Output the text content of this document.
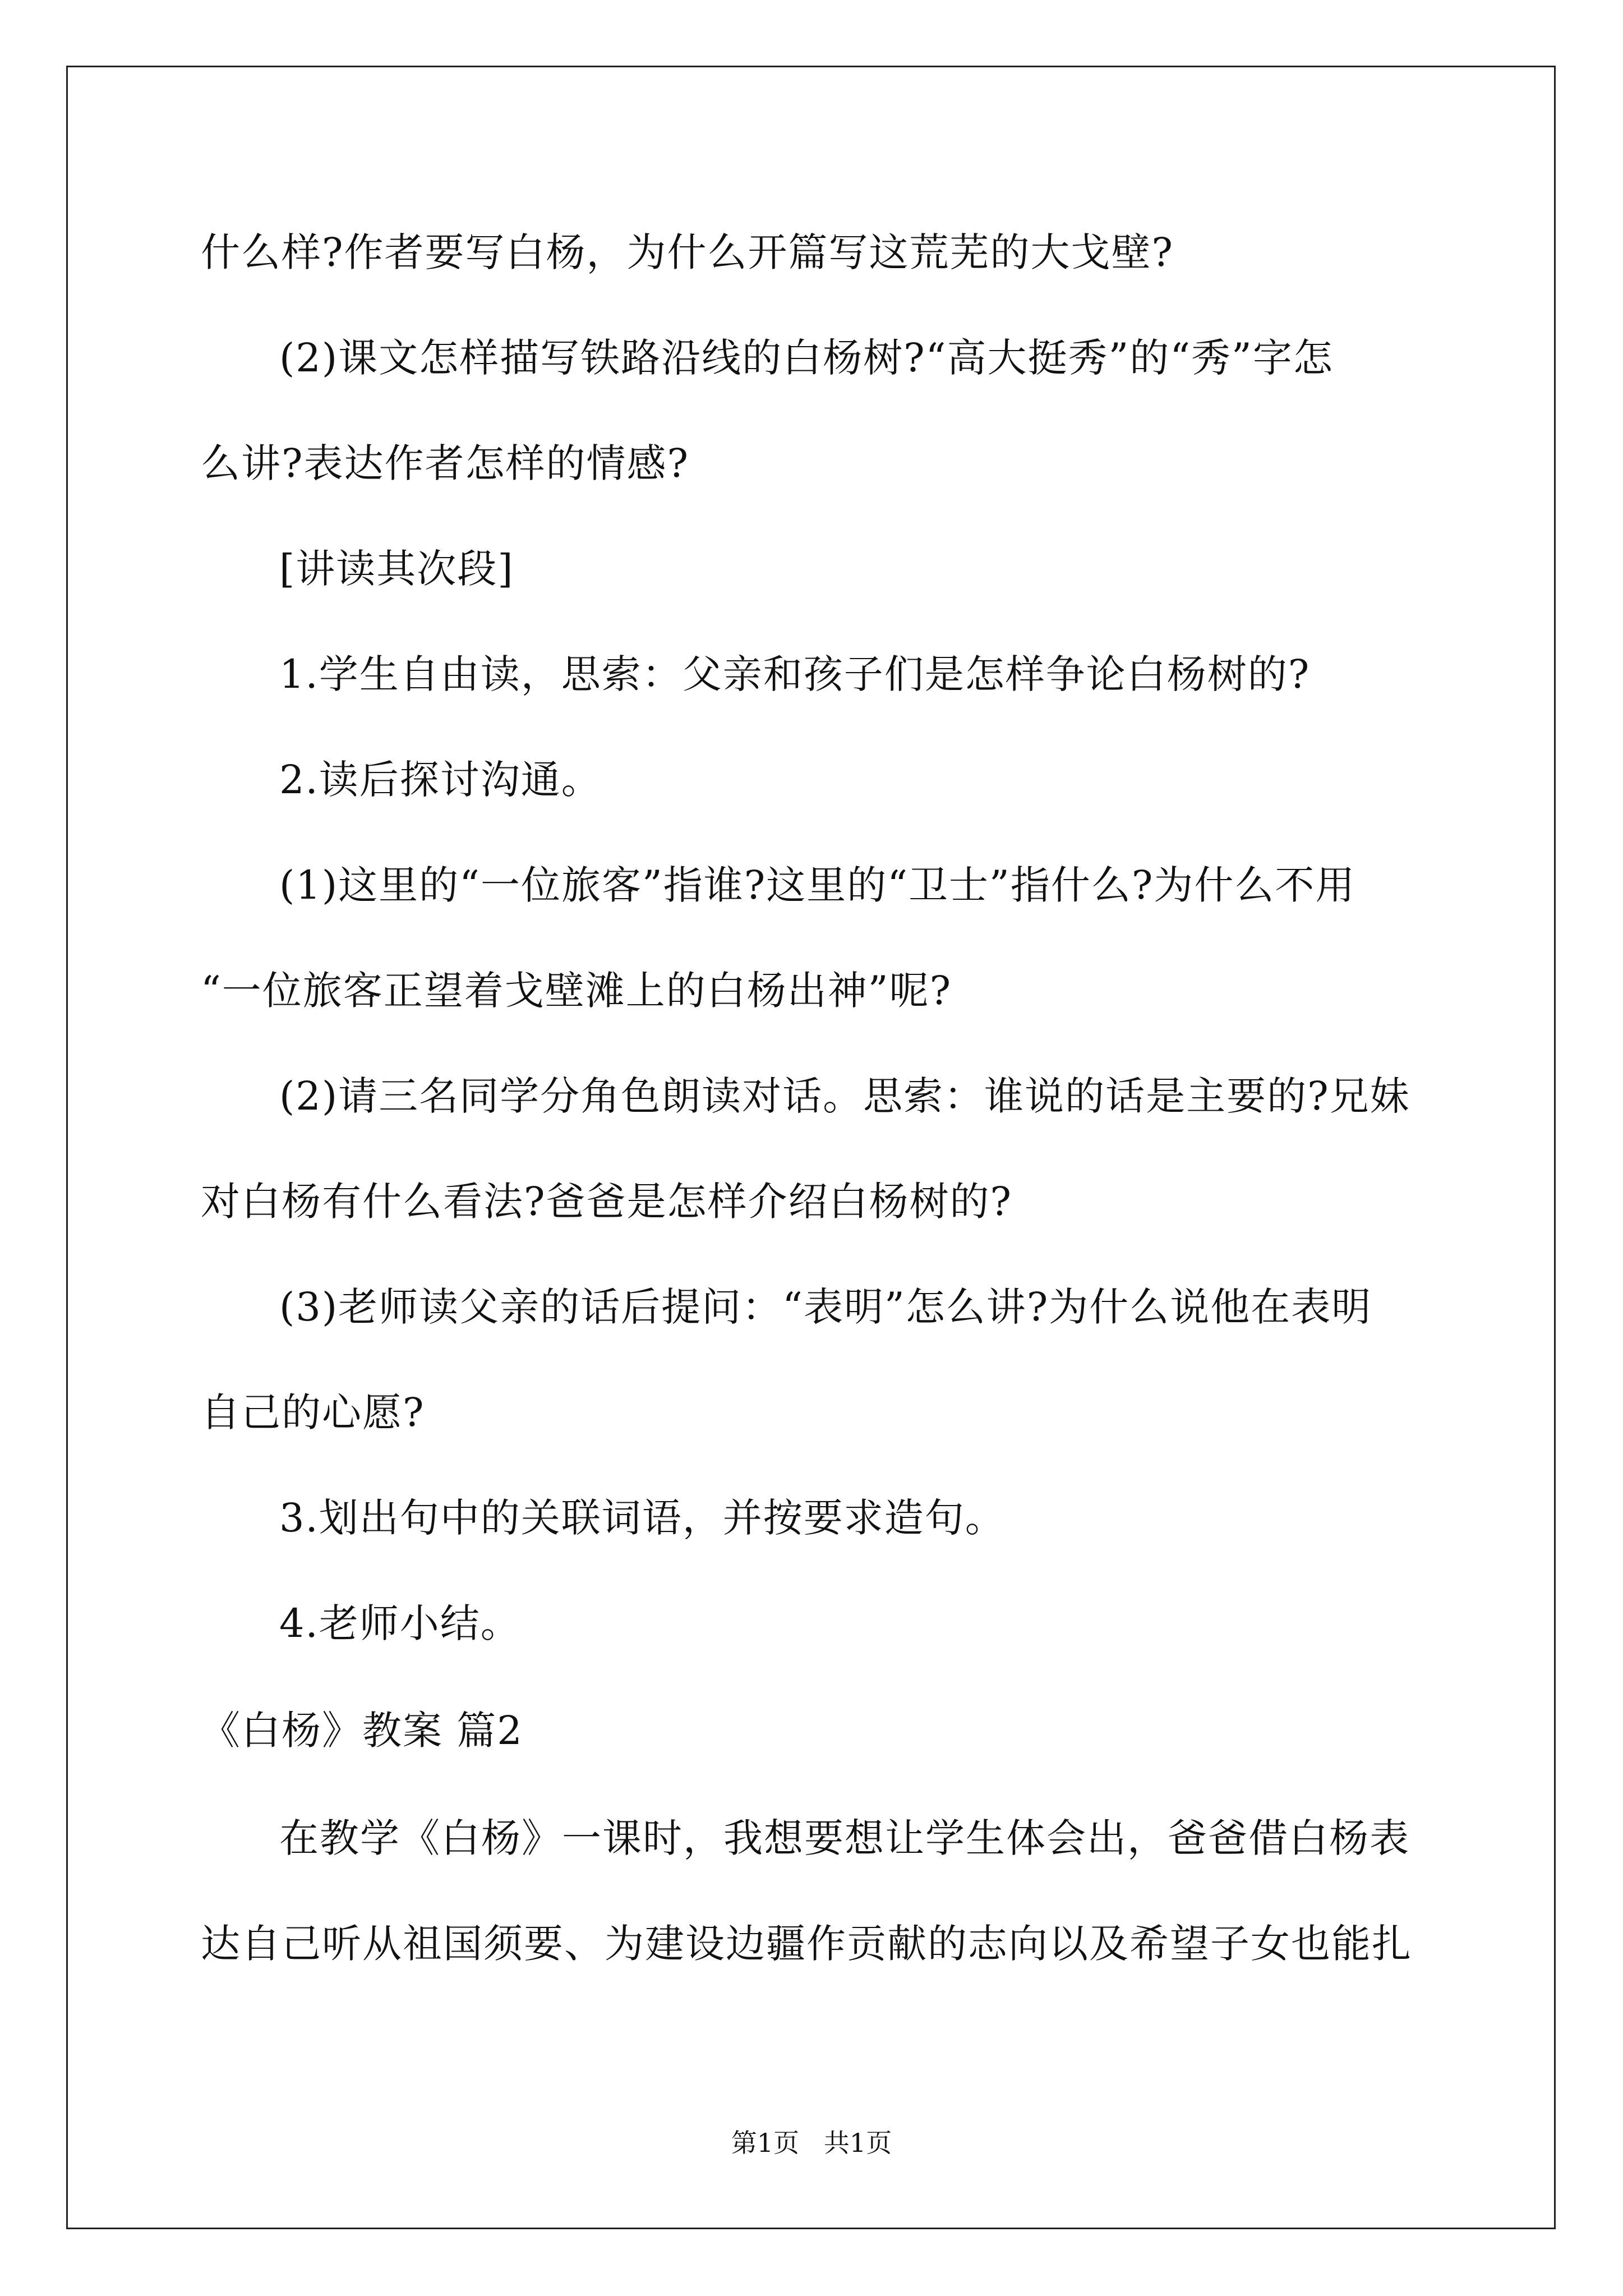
什么样?作者要写白杨，为什么开篇写这荒芜的大戈壁?
(2)课文怎样描写铁路沿线的白杨树?“高大挺秀”的“秀”字怎
么讲?表达作者怎样的情感?
[讲读其次段]
1.学生自由读，思索：父亲和孩子们是怎样争论白杨树的?
2.读后探讨沟通。
(1)这里的“一位旅客”指谁?这里的“卫士”指什么?为什么不用
“一位旅客正望着戈壁滩上的白杨出神”呢?
(2)请三名同学分角色朗读对话。思索：谁说的话是主要的?兄妹
对白杨有什么看法?爸爸是怎样介绍白杨树的?
(3)老师读父亲的话后提问：“表明”怎么讲?为什么说他在表明
自己的心愿?
3.划出句中的关联词语，并按要求造句。
4.老师小结。
《白杨》教案 篇2
在教学《白杨》一课时，我想要想让学生体会出，爸爸借白杨表
达自己听从祖国须要、为建设边疆作贡献的志向以及希望子女也能扎
第1页   共1页
